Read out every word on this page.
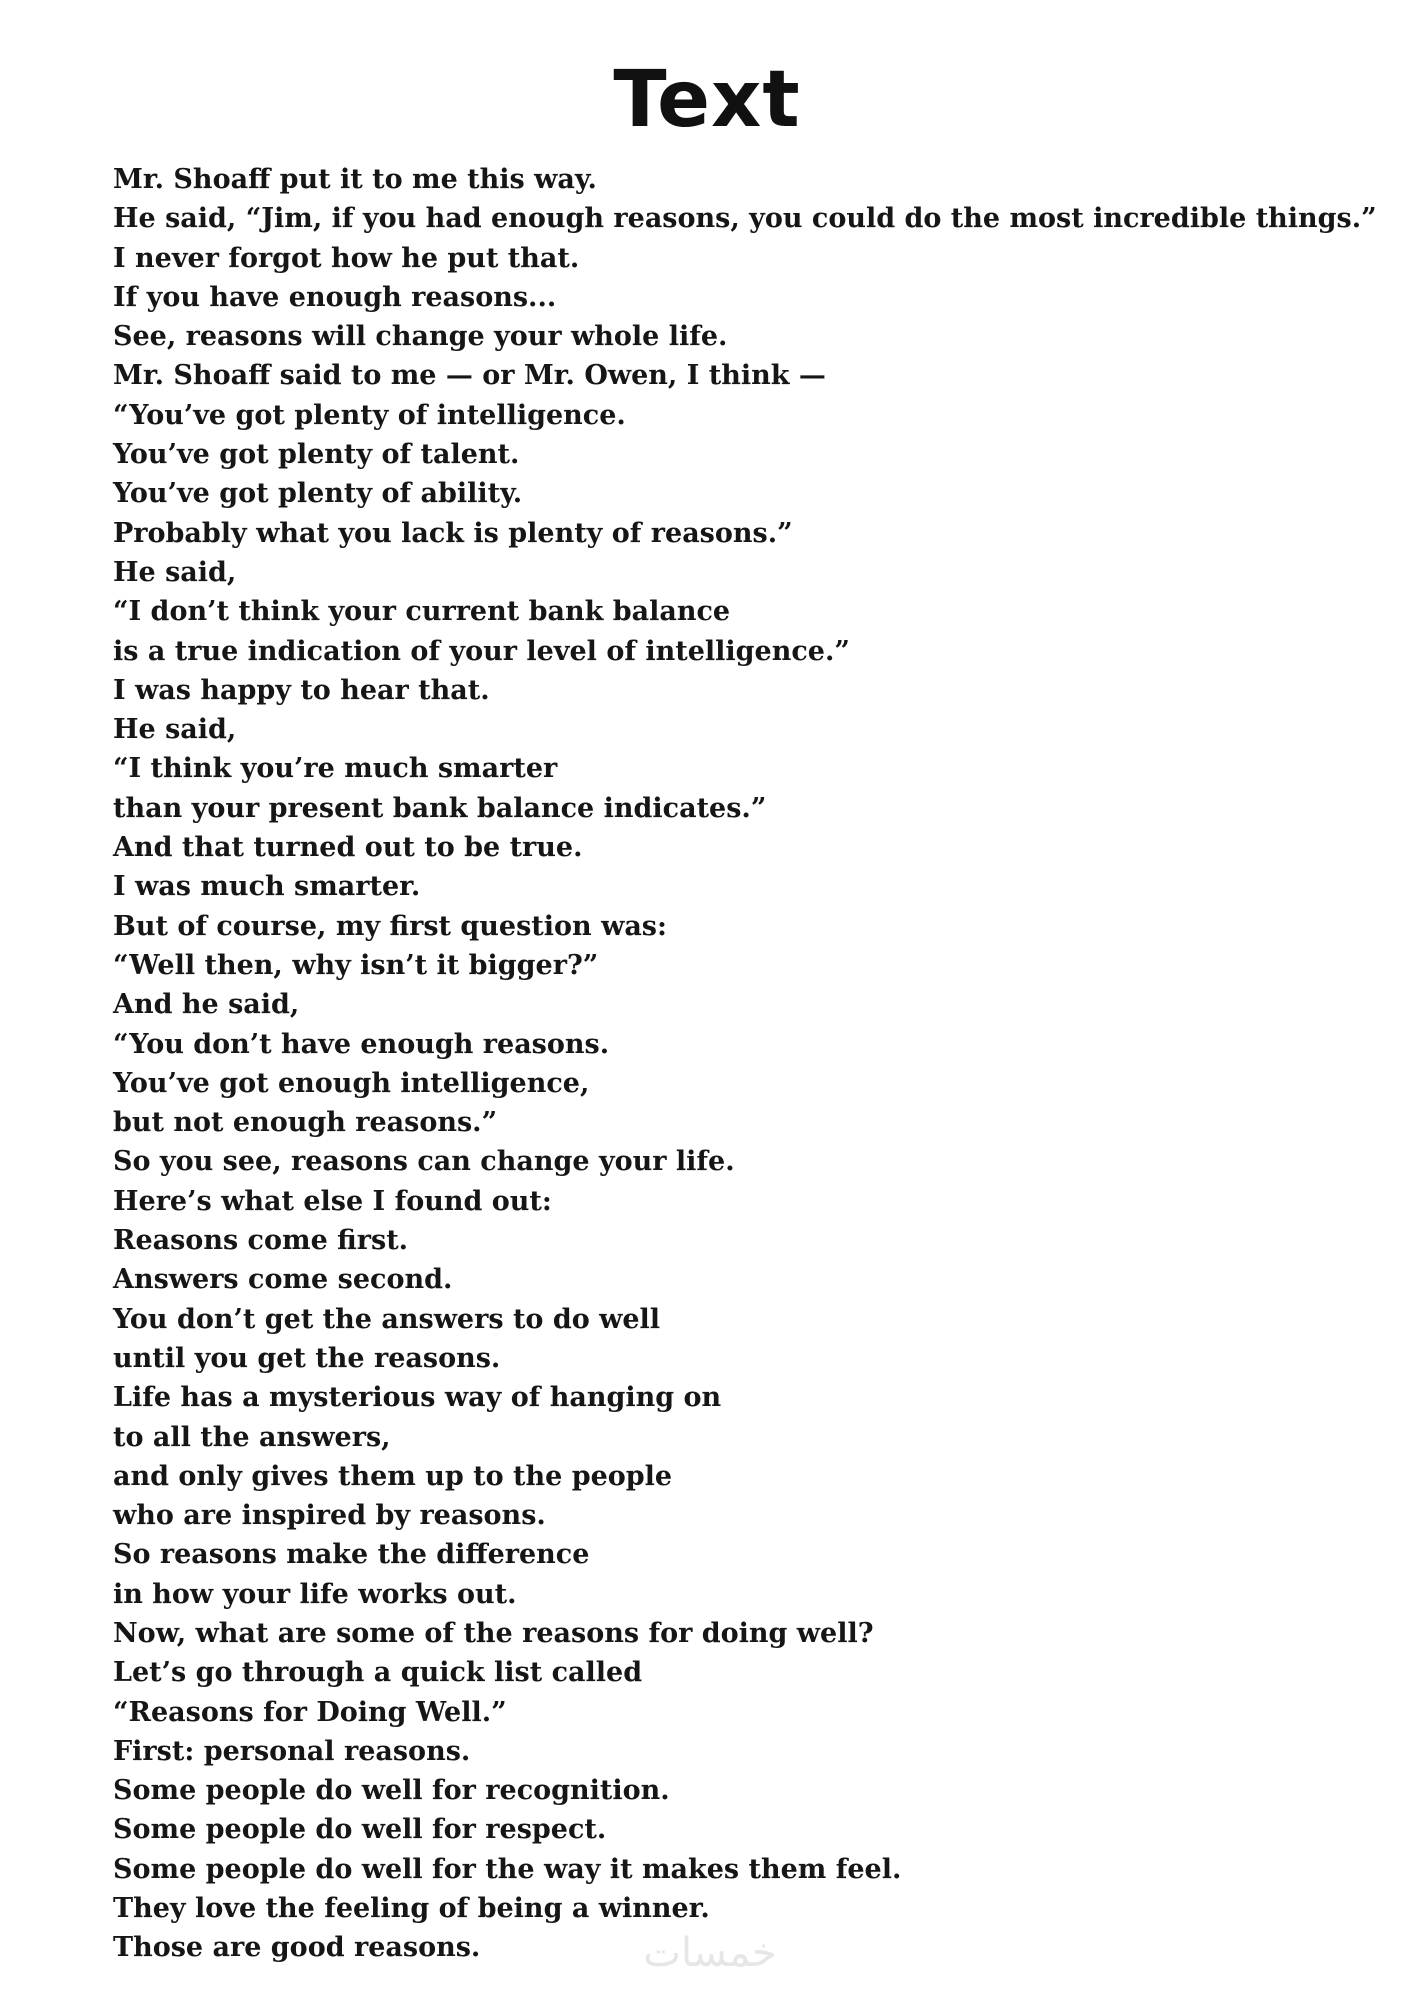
Text
Mr. Shoaff put it to me this way.
He said, “Jim, if you had enough reasons, you could do the most incredible things.”
I never forgot how he put that.
If you have enough reasons...
See, reasons will change your whole life.
Mr. Shoaff said to me — or Mr. Owen, I think —
“You’ve got plenty of intelligence.
You’ve got plenty of talent.
You’ve got plenty of ability.
Probably what you lack is plenty of reasons.”
He said,
“I don’t think your current bank balance
is a true indication of your level of intelligence.”
I was happy to hear that.
He said,
“I think you’re much smarter
than your present bank balance indicates.”
And that turned out to be true.
I was much smarter.
But of course, my first question was:
“Well then, why isn’t it bigger?”
And he said,
“You don’t have enough reasons.
You’ve got enough intelligence,
but not enough reasons.”
So you see, reasons can change your life.
Here’s what else I found out:
Reasons come first.
Answers come second.
You don’t get the answers to do well
until you get the reasons.
Life has a mysterious way of hanging on
to all the answers,
and only gives them up to the people
who are inspired by reasons.
So reasons make the difference
in how your life works out.
Now, what are some of the reasons for doing well?
Let’s go through a quick list called
“Reasons for Doing Well.”
First: personal reasons.
Some people do well for recognition.
Some people do well for respect.
Some people do well for the way it makes them feel.
They love the feeling of being a winner.
Those are good reasons.	خمسات
